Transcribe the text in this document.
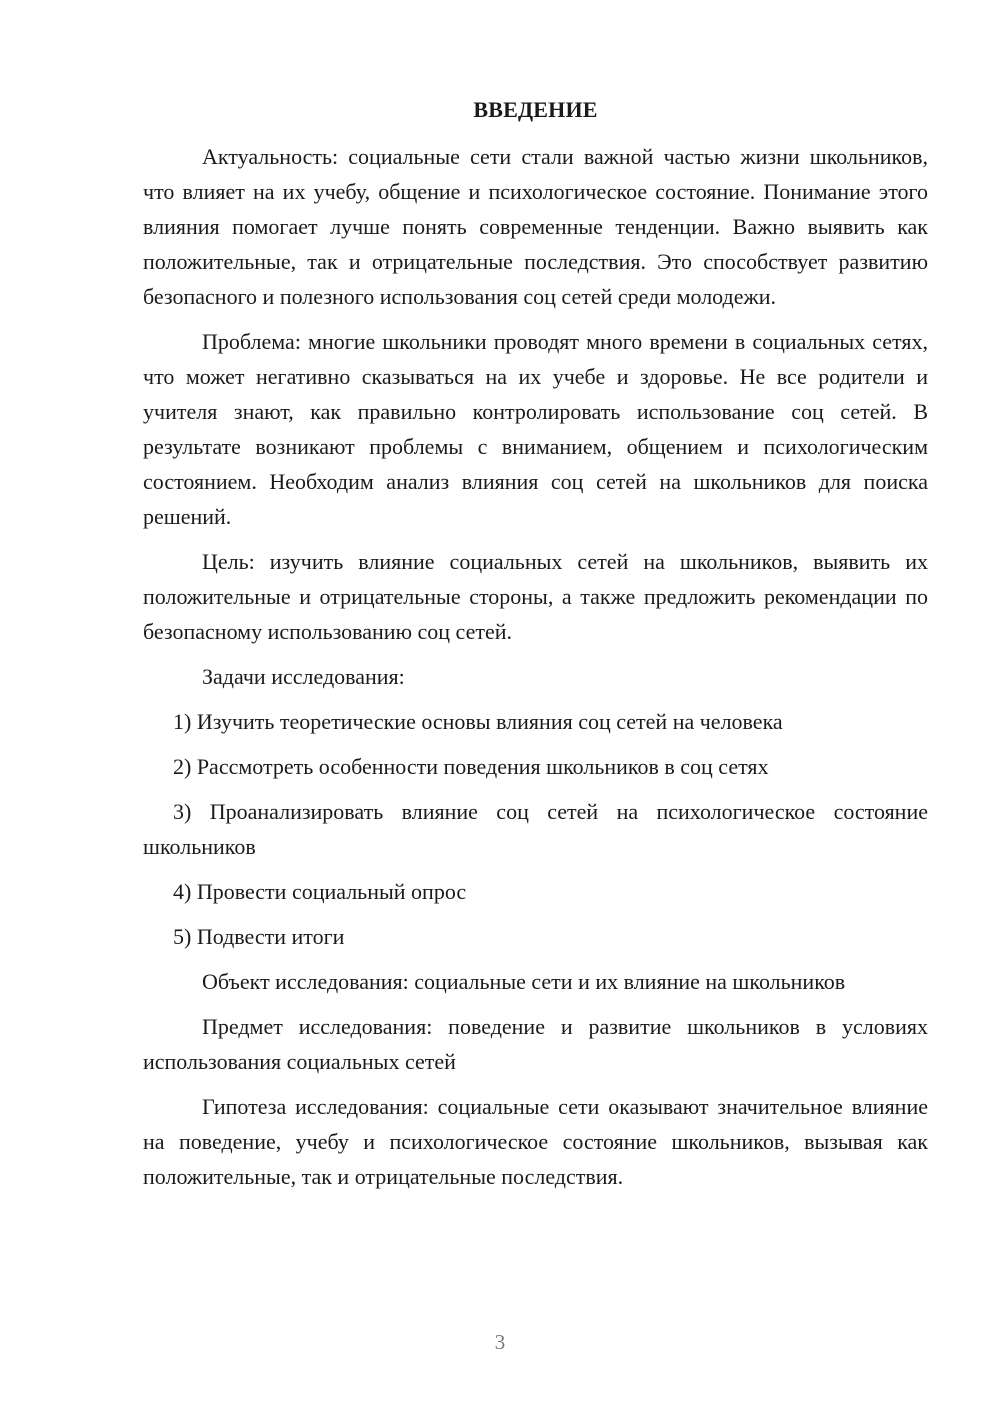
ВВЕДЕНИЕ

Актуальность: социальные сети стали важной частью жизни школьников, что влияет на их учебу, общение и психологическое состояние. Понимание этого влияния помогает лучше понять современные тенденции. Важно выявить как положительные, так и отрицательные последствия. Это способствует развитию безопасного и полезного использования соц сетей среди молодежи.

Проблема: многие школьники проводят много времени в социальных сетях, что может негативно сказываться на их учебе и здоровье. Не все родители и учителя знают, как правильно контролировать использование соц сетей. В результате возникают проблемы с вниманием, общением и психологическим состоянием. Необходим анализ влияния соц сетей на школьников для поиска решений.

Цель: изучить влияние социальных сетей на школьников, выявить их положительные и отрицательные стороны, а также предложить рекомендации по безопасному использованию соц сетей.

Задачи исследования:

1) Изучить теоретические основы влияния соц сетей на человека

2) Рассмотреть особенности поведения школьников в соц сетях

3) Проанализировать влияние соц сетей на психологическое состояние школьников

4) Провести социальный опрос

5) Подвести итоги

Объект исследования: социальные сети и их влияние на школьников

Предмет исследования: поведение и развитие школьников в условиях использования социальных сетей

Гипотеза исследования: социальные сети оказывают значительное влияние на поведение, учебу и психологическое состояние школьников, вызывая как положительные, так и отрицательные последствия.

3
